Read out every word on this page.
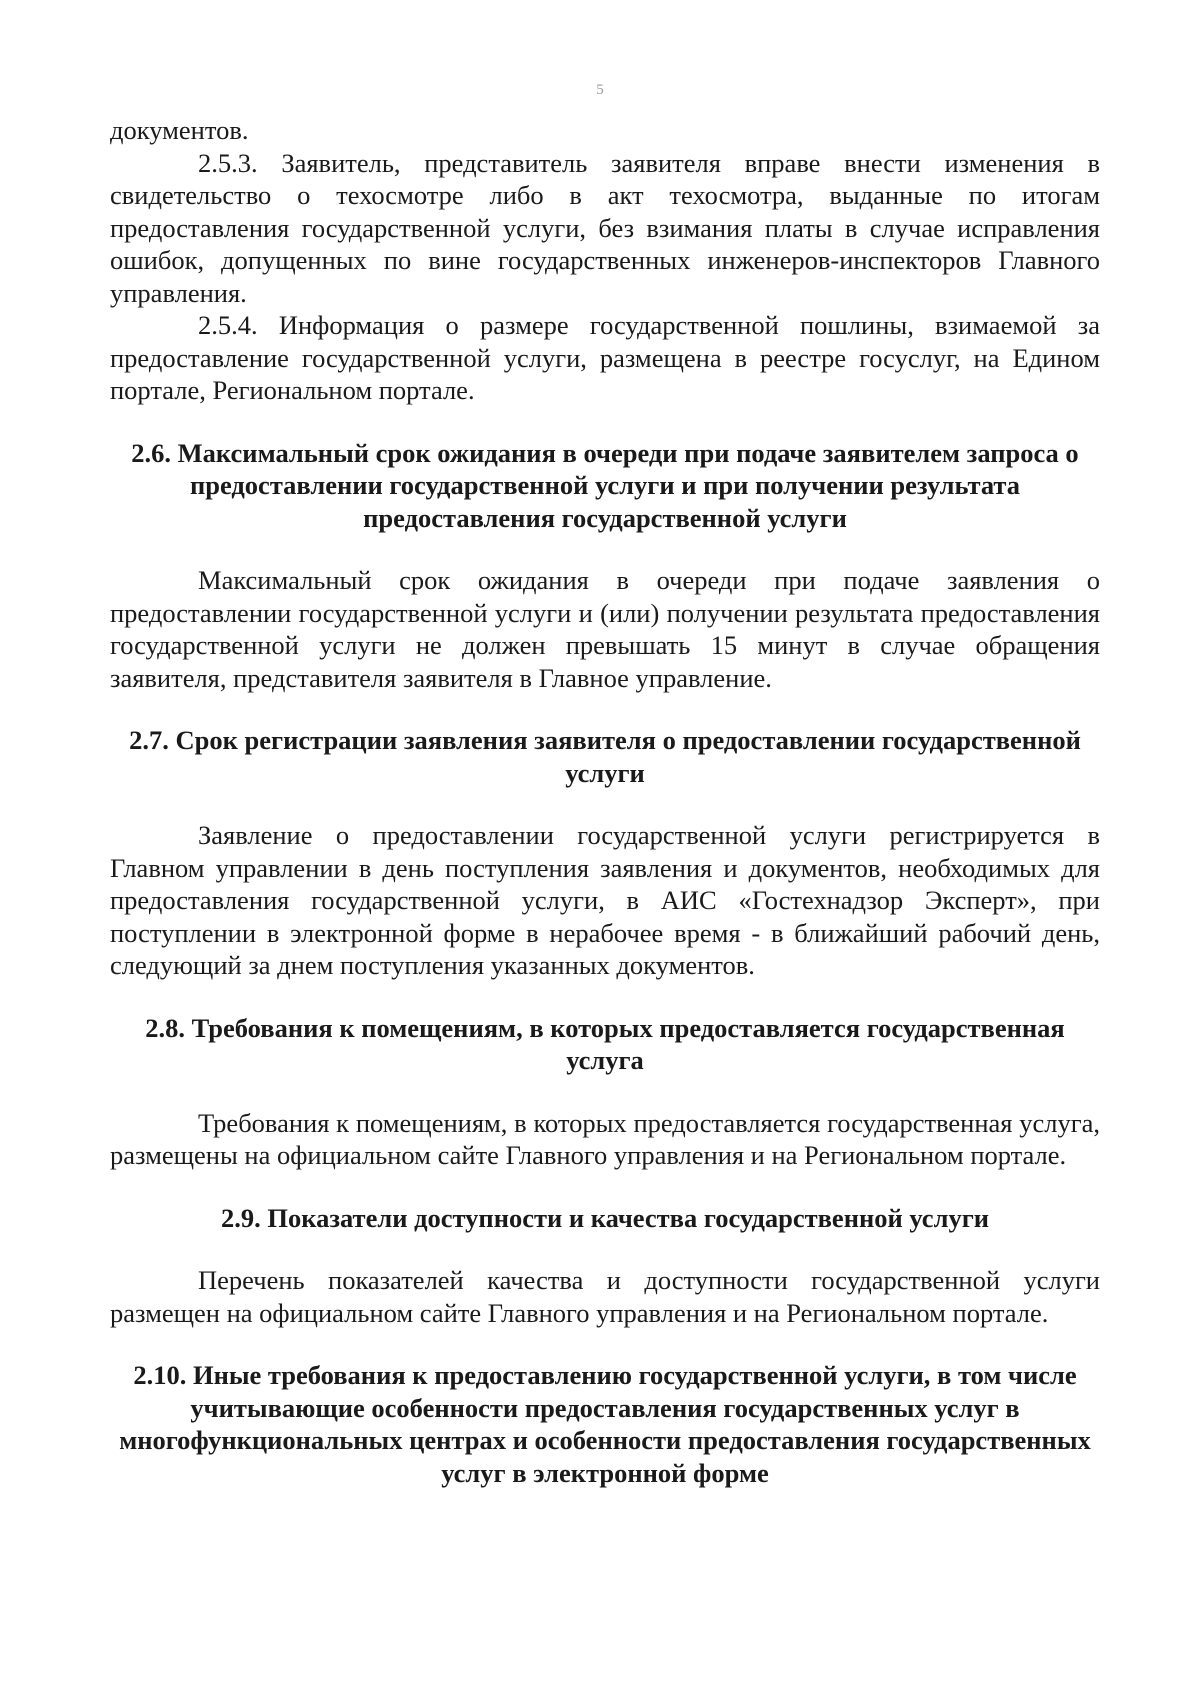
5

документов.

2.5.3. Заявитель, представитель заявителя вправе внести изменения в свидетельство о техосмотре либо в акт техосмотра, выданные по итогам предоставления государственной услуги, без взимания платы в случае исправления ошибок, допущенных по вине государственных инженеров-инспекторов Главного управления.

2.5.4. Информация о размере государственной пошлины, взимаемой за предоставление государственной услуги, размещена в реестре госуслуг, на Едином портале, Региональном портале.

2.6. Максимальный срок ожидания в очереди при подаче заявителем запроса о предоставлении государственной услуги и при получении результата предоставления государственной услуги

Максимальный срок ожидания в очереди при подаче заявления о предоставлении государственной услуги и (или) получении результата предоставления государственной услуги не должен превышать 15 минут в случае обращения заявителя, представителя заявителя в Главное управление.

2.7. Срок регистрации заявления заявителя о предоставлении государственной услуги

Заявление о предоставлении государственной услуги регистрируется в Главном управлении в день поступления заявления и документов, необходимых для предоставления государственной услуги, в АИС «Гостехнадзор Эксперт», при поступлении в электронной форме в нерабочее время - в ближайший рабочий день, следующий за днем поступления указанных документов.

2.8. Требования к помещениям, в которых предоставляется государственная услуга

Требования к помещениям, в которых предоставляется государственная услуга, размещены на официальном сайте Главного управления и на Региональном портале.

2.9. Показатели доступности и качества государственной услуги

Перечень показателей качества и доступности государственной услуги размещен на официальном сайте Главного управления и на Региональном портале.

2.10. Иные требования к предоставлению государственной услуги, в том числе учитывающие особенности предоставления государственных услуг в многофункциональных центрах и особенности предоставления государственных услуг в электронной форме
